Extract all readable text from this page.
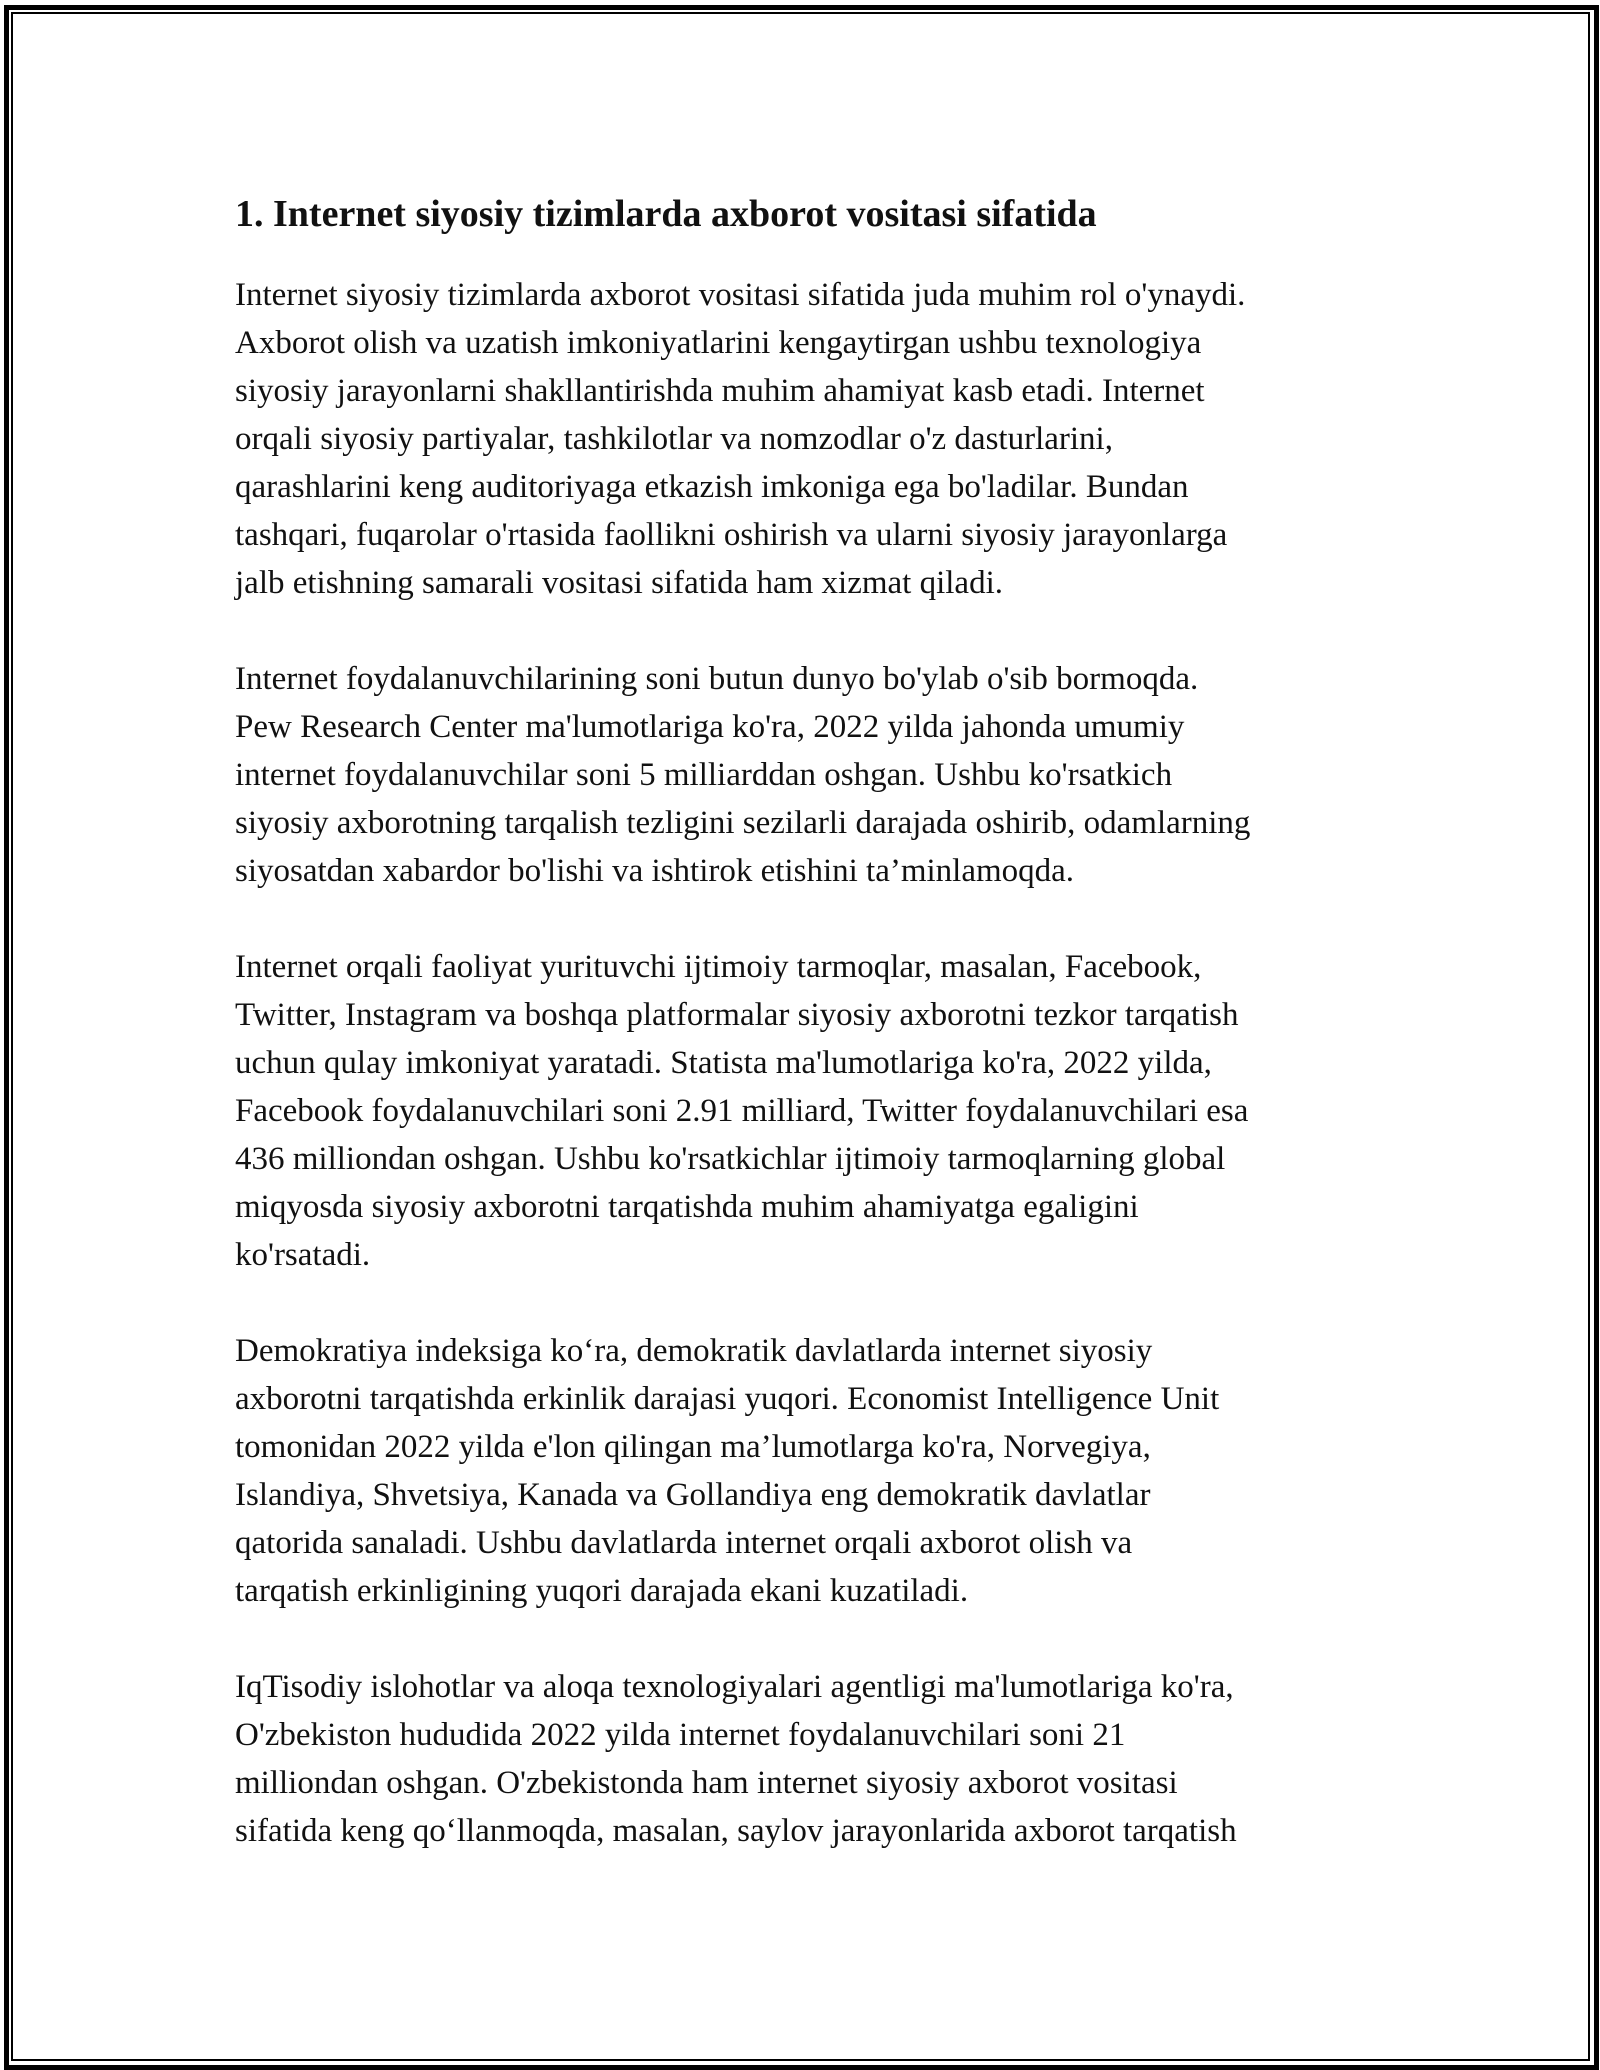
1. Internet siyosiy tizimlarda axborot vositasi sifatida

Internet siyosiy tizimlarda axborot vositasi sifatida juda muhim rol o'ynaydi.
Axborot olish va uzatish imkoniyatlarini kengaytirgan ushbu texnologiya
siyosiy jarayonlarni shakllantirishda muhim ahamiyat kasb etadi. Internet
orqali siyosiy partiyalar, tashkilotlar va nomzodlar o'z dasturlarini,
qarashlarini keng auditoriyaga etkazish imkoniga ega bo'ladilar. Bundan
tashqari, fuqarolar o'rtasida faollikni oshirish va ularni siyosiy jarayonlarga
jalb etishning samarali vositasi sifatida ham xizmat qiladi.

Internet foydalanuvchilarining soni butun dunyo bo'ylab o'sib bormoqda.
Pew Research Center ma'lumotlariga ko'ra, 2022 yilda jahonda umumiy
internet foydalanuvchilar soni 5 milliarddan oshgan. Ushbu ko'rsatkich
siyosiy axborotning tarqalish tezligini sezilarli darajada oshirib, odamlarning
siyosatdan xabardor bo'lishi va ishtirok etishini ta’minlamoqda.

Internet orqali faoliyat yurituvchi ijtimoiy tarmoqlar, masalan, Facebook,
Twitter, Instagram va boshqa platformalar siyosiy axborotni tezkor tarqatish
uchun qulay imkoniyat yaratadi. Statista ma'lumotlariga ko'ra, 2022 yilda,
Facebook foydalanuvchilari soni 2.91 milliard, Twitter foydalanuvchilari esa
436 milliondan oshgan. Ushbu ko'rsatkichlar ijtimoiy tarmoqlarning global
miqyosda siyosiy axborotni tarqatishda muhim ahamiyatga egaligini
ko'rsatadi.

Demokratiya indeksiga ko‘ra, demokratik davlatlarda internet siyosiy
axborotni tarqatishda erkinlik darajasi yuqori. Economist Intelligence Unit
tomonidan 2022 yilda e'lon qilingan ma’lumotlarga ko'ra, Norvegiya,
Islandiya, Shvetsiya, Kanada va Gollandiya eng demokratik davlatlar
qatorida sanaladi. Ushbu davlatlarda internet orqali axborot olish va
tarqatish erkinligining yuqori darajada ekani kuzatiladi.

IqTisodiy islohotlar va aloqa texnologiyalari agentligi ma'lumotlariga ko'ra,
O'zbekiston hududida 2022 yilda internet foydalanuvchilari soni 21
milliondan oshgan. O'zbekistonda ham internet siyosiy axborot vositasi
sifatida keng qo‘llanmoqda, masalan, saylov jarayonlarida axborot tarqatish
